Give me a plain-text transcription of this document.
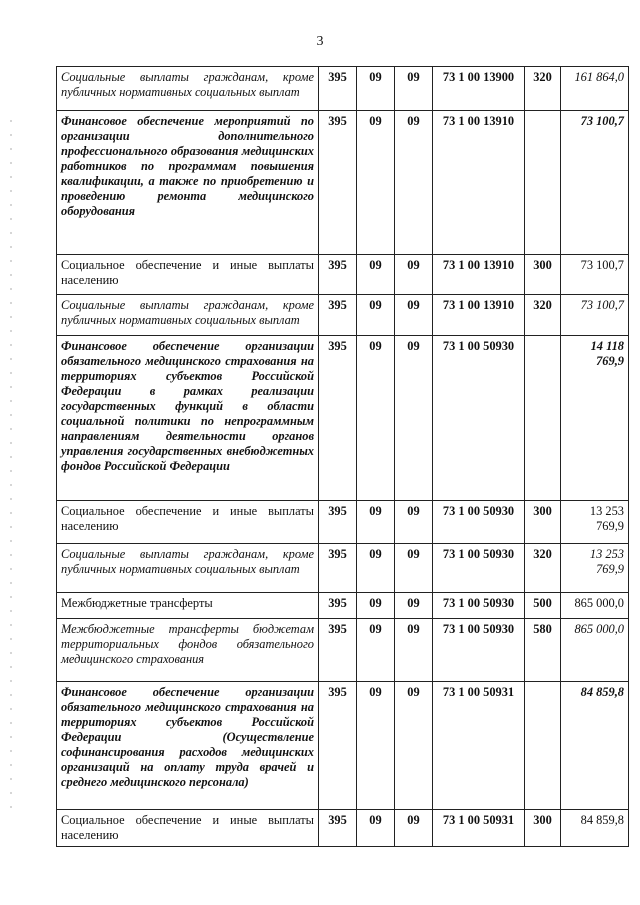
3
Социальные выплаты гражданам, кроме публичных нормативных социальных выплат	395	09	09	73 1 00 13900	320	161 864,0
Финансовое обеспечение мероприятий по организации дополнительного профессионального образования медицинских работников по программам повышения квалификации, а также по приобретению и проведению ремонта медицинского оборудования	395	09	09	73 1 00 13910		73 100,7
Социальное обеспечение и иные выплаты населению	395	09	09	73 1 00 13910	300	73 100,7
Социальные выплаты гражданам, кроме публичных нормативных социальных выплат	395	09	09	73 1 00 13910	320	73 100,7
Финансовое обеспечение организации обязательного медицинского страхования на территориях субъектов Российской Федерации в рамках реализации государственных функций в области социальной политики по непрограммным направлениям деятельности органов управления государственных внебюджетных фондов Российской Федерации	395	09	09	73 1 00 50930		14 118 769,9
Социальное обеспечение и иные выплаты населению	395	09	09	73 1 00 50930	300	13 253 769,9
Социальные выплаты гражданам, кроме публичных нормативных социальных выплат	395	09	09	73 1 00 50930	320	13 253 769,9
Межбюджетные трансферты	395	09	09	73 1 00 50930	500	865 000,0
Межбюджетные трансферты бюджетам территориальных фондов обязательного медицинского страхования	395	09	09	73 1 00 50930	580	865 000,0
Финансовое обеспечение организации обязательного медицинского страхования на территориях субъектов Российской Федерации (Осуществление софинансирования расходов медицинских организаций на оплату труда врачей и среднего медицинского персонала)	395	09	09	73 1 00 50931		84 859,8
Социальное обеспечение и иные выплаты населению	395	09	09	73 1 00 50931	300	84 859,8
